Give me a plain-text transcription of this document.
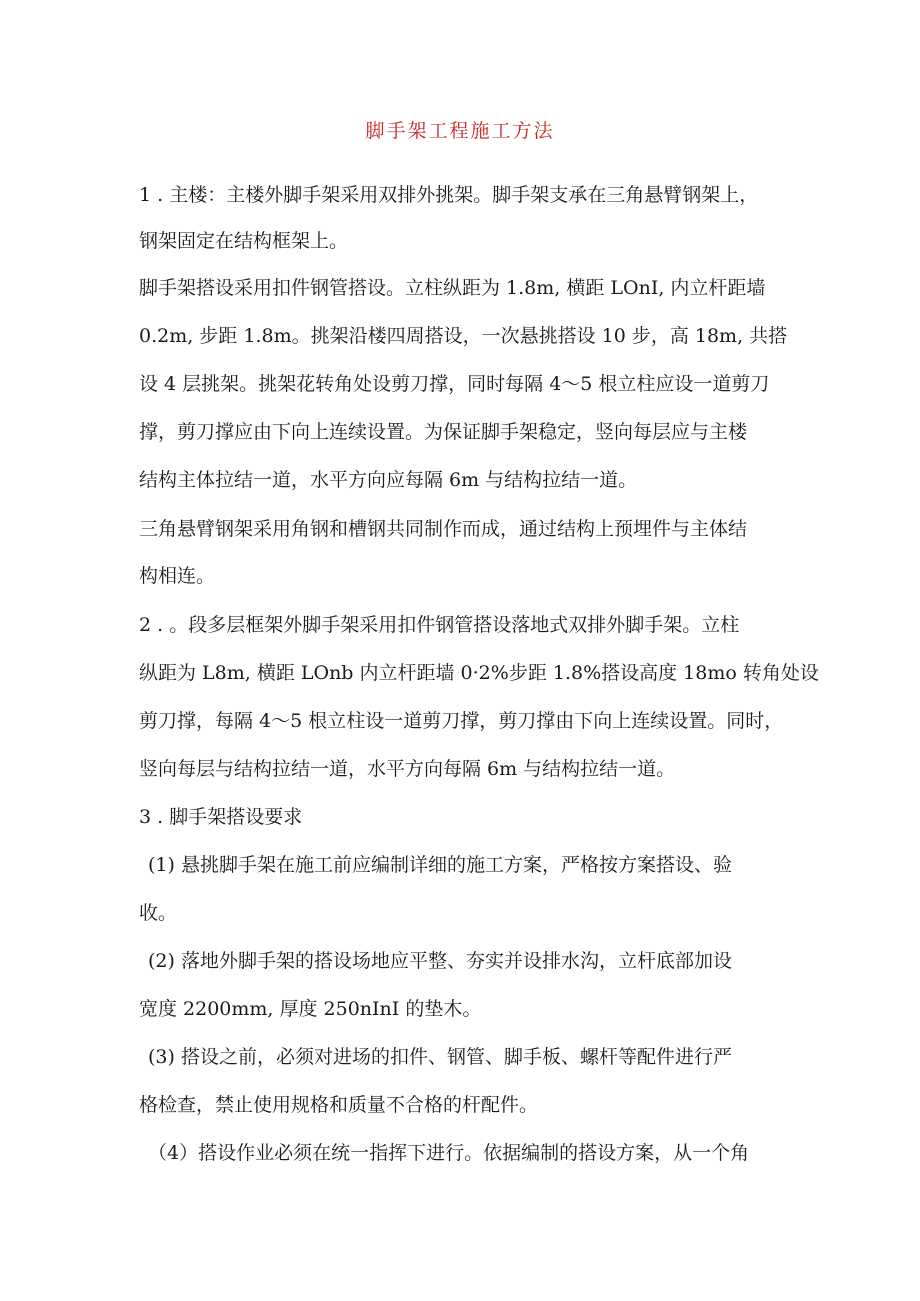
脚手架工程施工方法
1 . 主楼：主楼外脚手架采用双排外挑架。脚手架支承在三角悬臂钢架上，
钢架固定在结构框架上。
脚手架搭设采用扣件钢管搭设。立柱纵距为 1.8m, 横距 LOnI, 内立杆距墙
0.2m, 步距 1.8m。挑架沿楼四周搭设，一次悬挑搭设 10 步，高 18m, 共搭
设 4 层挑架。挑架花转角处设剪刀撑，同时每隔 4～5 根立柱应设一道剪刀
撑，剪刀撑应由下向上连续设置。为保证脚手架稳定，竖向每层应与主楼
结构主体拉结一道，水平方向应每隔 6m 与结构拉结一道。
三角悬臂钢架采用角钢和槽钢共同制作而成，通过结构上预埋件与主体结
构相连。
2 . 。段多层框架外脚手架采用扣件钢管搭设落地式双排外脚手架。立柱
纵距为 L8m, 横距 LOnb 内立杆距墙 0·2%步距 1.8%搭设高度 18mo 转角处设
剪刀撑，每隔 4～5 根立柱设一道剪刀撑，剪刀撑由下向上连续设置。同时，
竖向每层与结构拉结一道，水平方向每隔 6m 与结构拉结一道。
3 . 脚手架搭设要求
(1) 悬挑脚手架在施工前应编制详细的施工方案，严格按方案搭设、验
收。
(2) 落地外脚手架的搭设场地应平整、夯实并设排水沟，立杆底部加设
宽度 2200mm, 厚度 250nInI 的垫木。
(3) 搭设之前，必须对进场的扣件、钢管、脚手板、螺杆等配件进行严
格检查，禁止使用规格和质量不合格的杆配件。
（4）搭设作业必须在统一指挥下进行。依据编制的搭设方案，从一个角
